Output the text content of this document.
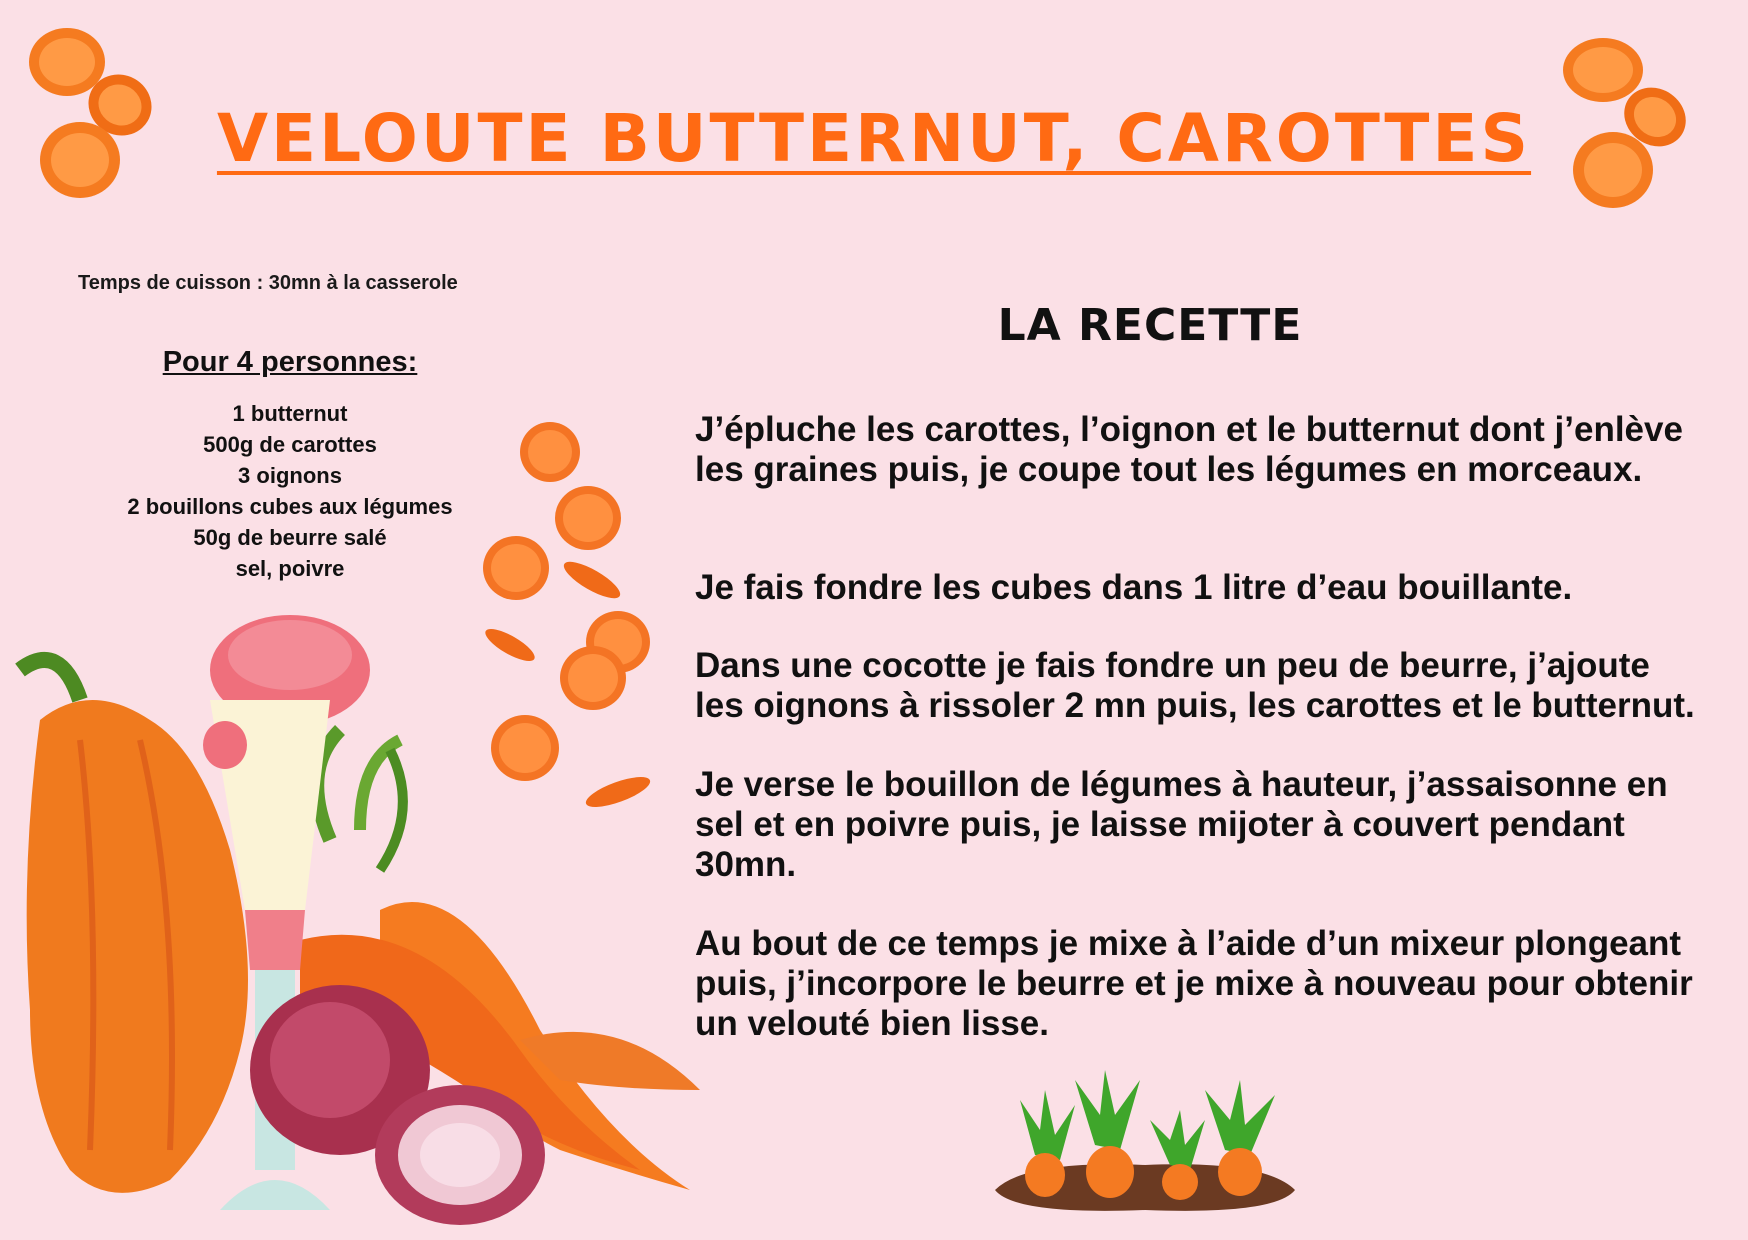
VELOUTE BUTTERNUT, CAROTTES
Temps de cuisson : 30mn à la casserole
Pour 4 personnes:
1 butternut
500g de carottes
3 oignons
2 bouillons cubes aux légumes
50g de beurre salé
sel, poivre
LA RECETTE

J’épluche les carottes, l’oignon et le butternut dont j’enlève les graines puis, je coupe tout les légumes en morceaux.

Je fais fondre les cubes dans 1 litre d’eau bouillante.

Dans une cocotte je fais fondre un peu de beurre, j’ajoute les oignons à rissoler 2 mn puis, les carottes et le butternut.

Je verse le bouillon de légumes à hauteur, j’assaisonne en sel et en poivre puis, je laisse mijoter à couvert pendant 30mn.

Au bout de ce temps je mixe à l’aide d’un mixeur plongeant puis, j’incorpore le beurre et je mixe à nouveau pour obtenir un velouté bien lisse.
